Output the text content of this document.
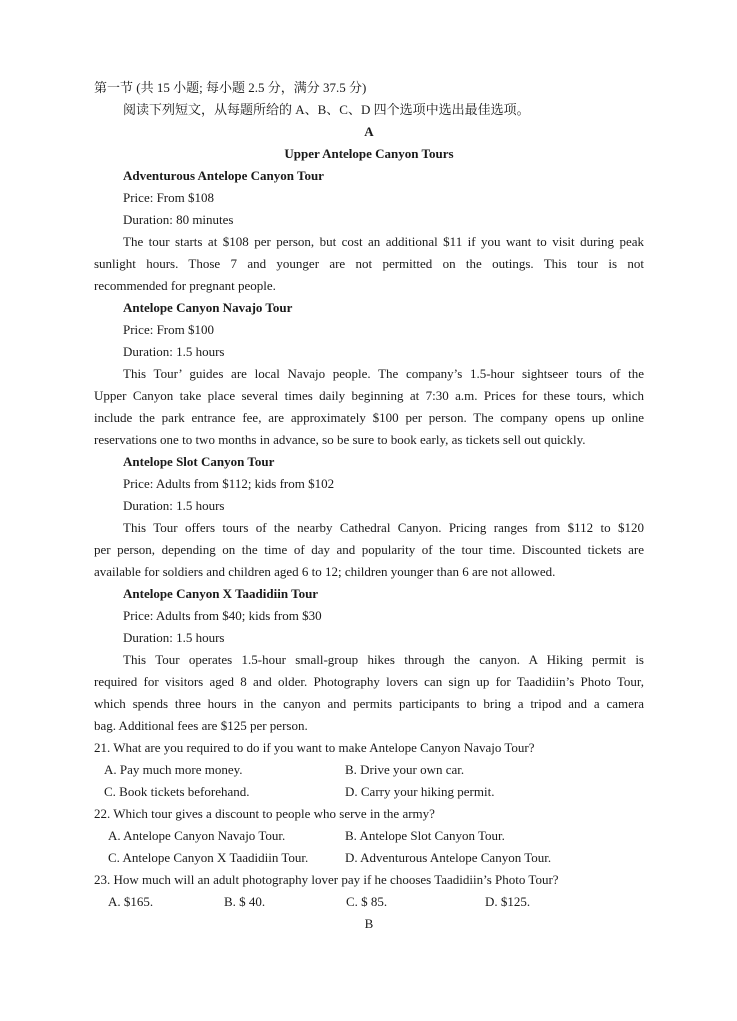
第一节 (共 15 小题; 每小题 2.5 分，满分 37.5 分)
阅读下列短文，从每题所给的 A、B、C、D 四个选项中选出最佳选项。
A
Upper Antelope Canyon Tours
Adventurous Antelope Canyon Tour
Price: From $108
Duration: 80 minutes
The tour starts at $108 per person, but cost an additional $11 if you want to visit during peak
sunlight hours. Those 7 and younger are not permitted on the outings. This tour is not
recommended for pregnant people.
Antelope Canyon Navajo Tour
Price: From $100
Duration: 1.5 hours
This Tour’ guides are local Navajo people. The company’s 1.5-hour sightseer tours of the
Upper Canyon take place several times daily beginning at 7:30 a.m. Prices for these tours, which
include the park entrance fee, are approximately $100 per person. The company opens up online
reservations one to two months in advance, so be sure to book early, as tickets sell out quickly.
Antelope Slot Canyon Tour
Price: Adults from $112; kids from $102
Duration: 1.5 hours
This Tour offers tours of the nearby Cathedral Canyon. Pricing ranges from $112 to $120
per person, depending on the time of day and popularity of the tour time. Discounted tickets are
available for soldiers and children aged 6 to 12; children younger than 6 are not allowed.
Antelope Canyon X Taadidiin Tour
Price: Adults from $40; kids from $30
Duration: 1.5 hours
This Tour operates 1.5-hour small-group hikes through the canyon. A Hiking permit is
required for visitors aged 8 and older. Photography lovers can sign up for Taadidiin’s Photo Tour,
which spends three hours in the canyon and permits participants to bring a tripod and a camera
bag. Additional fees are $125 per person.
21. What are you required to do if you want to make Antelope Canyon Navajo Tour?
A. Pay much more money.	B. Drive your own car.
C. Book tickets beforehand.	D. Carry your hiking permit.
22. Which tour gives a discount to people who serve in the army?
A. Antelope Canyon Navajo Tour.	B. Antelope Slot Canyon Tour.
C. Antelope Canyon X Taadidiin Tour.	D. Adventurous Antelope Canyon Tour.
23. How much will an adult photography lover pay if he chooses Taadidiin’s Photo Tour?
A. $165.	B. $ 40.	C. $ 85.	D. $125.
B
